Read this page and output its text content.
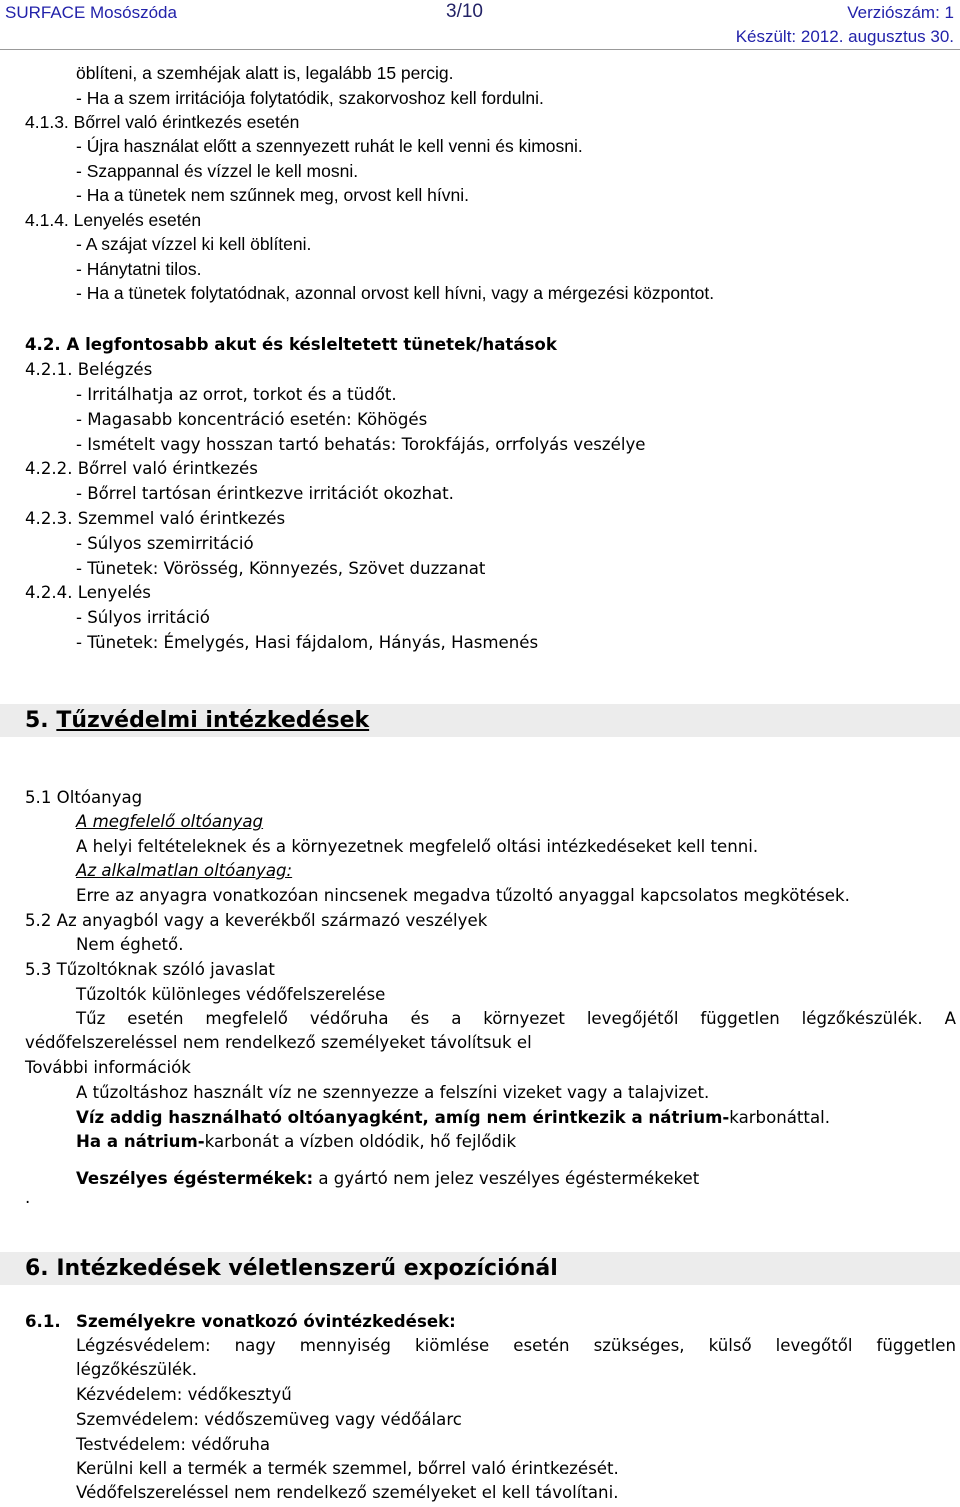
SURFACE Mosószóda	3/10	Verziószám: 1
Készült: 2012. augusztus 30.
öblíteni, a szemhéjak alatt is, legalább 15 percig.
- Ha a szem irritációja folytatódik, szakorvoshoz kell fordulni.
4.1.3. Bőrrel való érintkezés esetén
- Újra használat előtt a szennyezett ruhát le kell venni és kimosni.
- Szappannal és vízzel le kell mosni.
- Ha a tünetek nem szűnnek meg, orvost kell hívni.
4.1.4. Lenyelés esetén
- A szájat vízzel ki kell öblíteni.
- Hánytatni tilos.
- Ha a tünetek folytatódnak, azonnal orvost kell hívni, vagy a mérgezési központot.
4.2. A legfontosabb akut és késleltetett tünetek/hatások
4.2.1. Belégzés
- Irritálhatja az orrot, torkot és a tüdőt.
- Magasabb koncentráció esetén: Köhögés
- Ismételt vagy hosszan tartó behatás: Torokfájás, orrfolyás veszélye
4.2.2. Bőrrel való érintkezés
- Bőrrel tartósan érintkezve irritációt okozhat.
4.2.3. Szemmel való érintkezés
- Súlyos szemirritáció
- Tünetek: Vörösség, Könnyezés, Szövet duzzanat
4.2.4. Lenyelés
- Súlyos irritáció
- Tünetek: Émelygés, Hasi fájdalom, Hányás, Hasmenés
5. Tűzvédelmi intézkedések
5.1 Oltóanyag
A megfelelő oltóanyag
A helyi feltételeknek és a környezetnek megfelelő oltási intézkedéseket kell tenni.
Az alkalmatlan oltóanyag:
Erre az anyagra vonatkozóan nincsenek megadva tűzoltó anyaggal kapcsolatos megkötések.
5.2 Az anyagból vagy a keverékből származó veszélyek
Nem éghető.
5.3 Tűzoltóknak szóló javaslat
Tűzoltók különleges védőfelszerelése
Tűz esetén megfelelő védőruha és a környezet levegőjétől független légzőkészülék. A
védőfelszereléssel nem rendelkező személyeket távolítsuk el
További információk
A tűzoltáshoz használt víz ne szennyezze a felszíni vizeket vagy a talajvizet.
Víz addig használható oltóanyagként, amíg nem érintkezik a nátrium-karbonáttal.
Ha a nátrium-karbonát a vízben oldódik, hő fejlődik
Veszélyes égéstermékek: a gyártó nem jelez veszélyes égéstermékeket
.
6. Intézkedések véletlenszerű expozíciónál
6.1. Személyekre vonatkozó óvintézkedések:
Légzésvédelem: nagy mennyiség kiömlése esetén szükséges, külső levegőtől független
légzőkészülék.
Kézvédelem: védőkesztyű
Szemvédelem: védőszemüveg vagy védőálarc
Testvédelem: védőruha
Kerülni kell a termék a termék szemmel, bőrrel való érintkezését.
Védőfelszereléssel nem rendelkező személyeket el kell távolítani.
